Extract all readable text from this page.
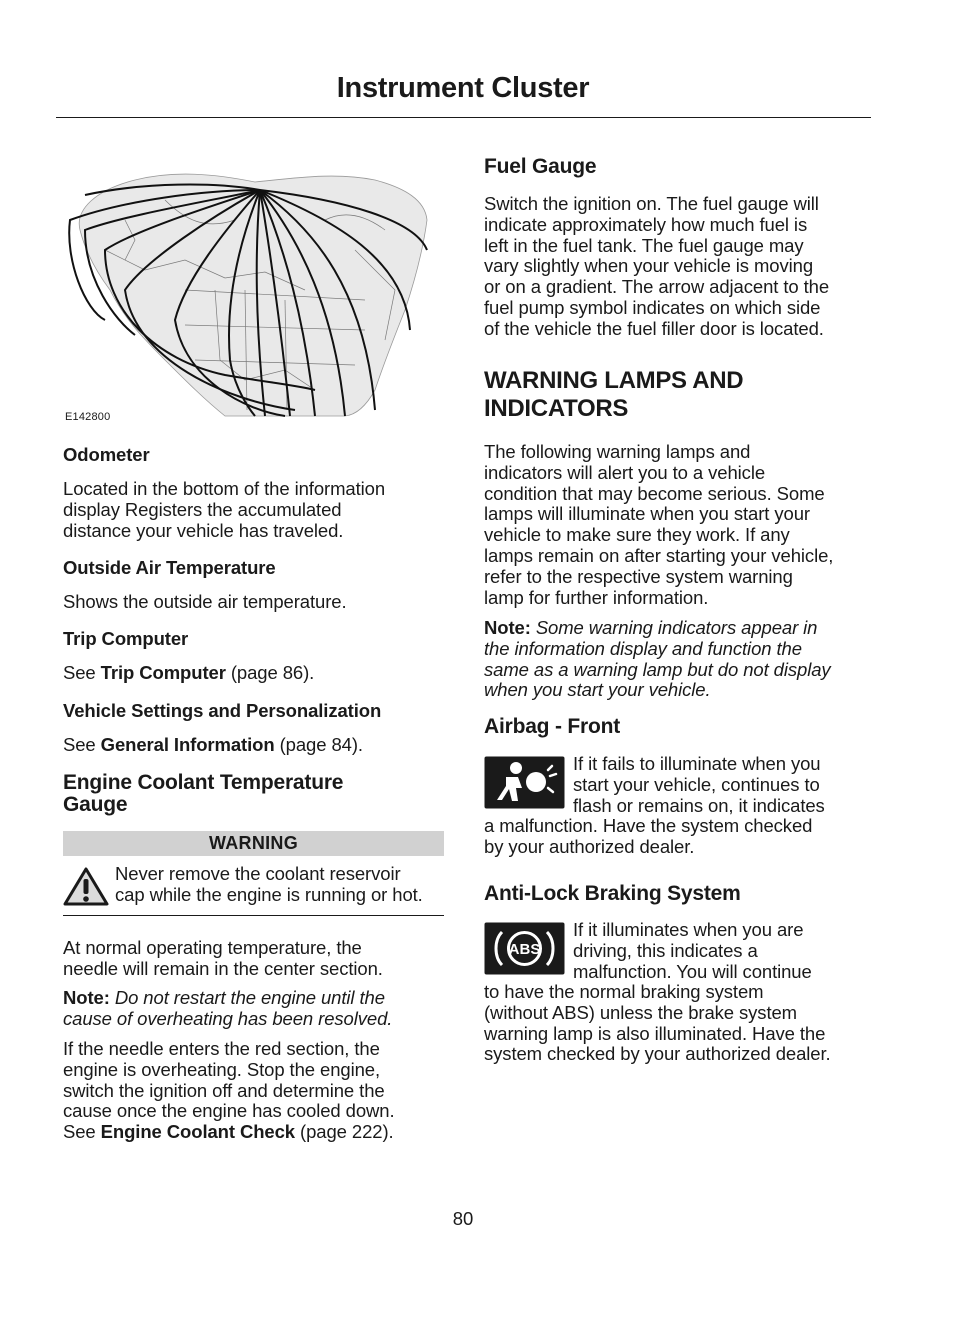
Instrument Cluster
E142800
Odometer

Located in the bottom of the information

display Registers the accumulated

distance your vehicle has traveled.

Outside Air Temperature

Shows the outside air temperature.

Trip Computer

See Trip Computer (page 86).

Vehicle Settings and Personalization

See General Information (page 84).

Engine Coolant Temperature
Gauge
WARNING

Never remove the coolant reservoir

cap while the engine is running or hot.

At normal operating temperature, the

needle will remain in the center section.

Note: Do not restart the engine until the

cause of overheating has been resolved.

If the needle enters the red section, the

engine is overheating. Stop the engine,

switch the ignition off and determine the

cause once the engine has cooled down.

See Engine Coolant Check (page 222).

Fuel Gauge

Switch the ignition on. The fuel gauge will

indicate approximately how much fuel is

left in the fuel tank. The fuel gauge may

vary slightly when your vehicle is moving

or on a gradient. The arrow adjacent to the

fuel pump symbol indicates on which side

of the vehicle the fuel filler door is located.

WARNING LAMPS AND
INDICATORS

The following warning lamps and

indicators will alert you to a vehicle

condition that may become serious. Some

lamps will illuminate when you start your

vehicle to make sure they work. If any

lamps remain on after starting your vehicle,

refer to the respective system warning

lamp for further information.

Note: Some warning indicators appear in

the information display and function the

same as a warning lamp but do not display

when you start your vehicle.

Airbag - Front

If it fails to illuminate when you

start your vehicle, continues to

flash or remains on, it indicates

a malfunction. Have the system checked

by your authorized dealer.

Anti-Lock Braking System
ABS

If it illuminates when you are

driving, this indicates a

malfunction. You will continue

to have the normal braking system

(without ABS) unless the brake system

warning lamp is also illuminated. Have the

system checked by your authorized dealer.

80
